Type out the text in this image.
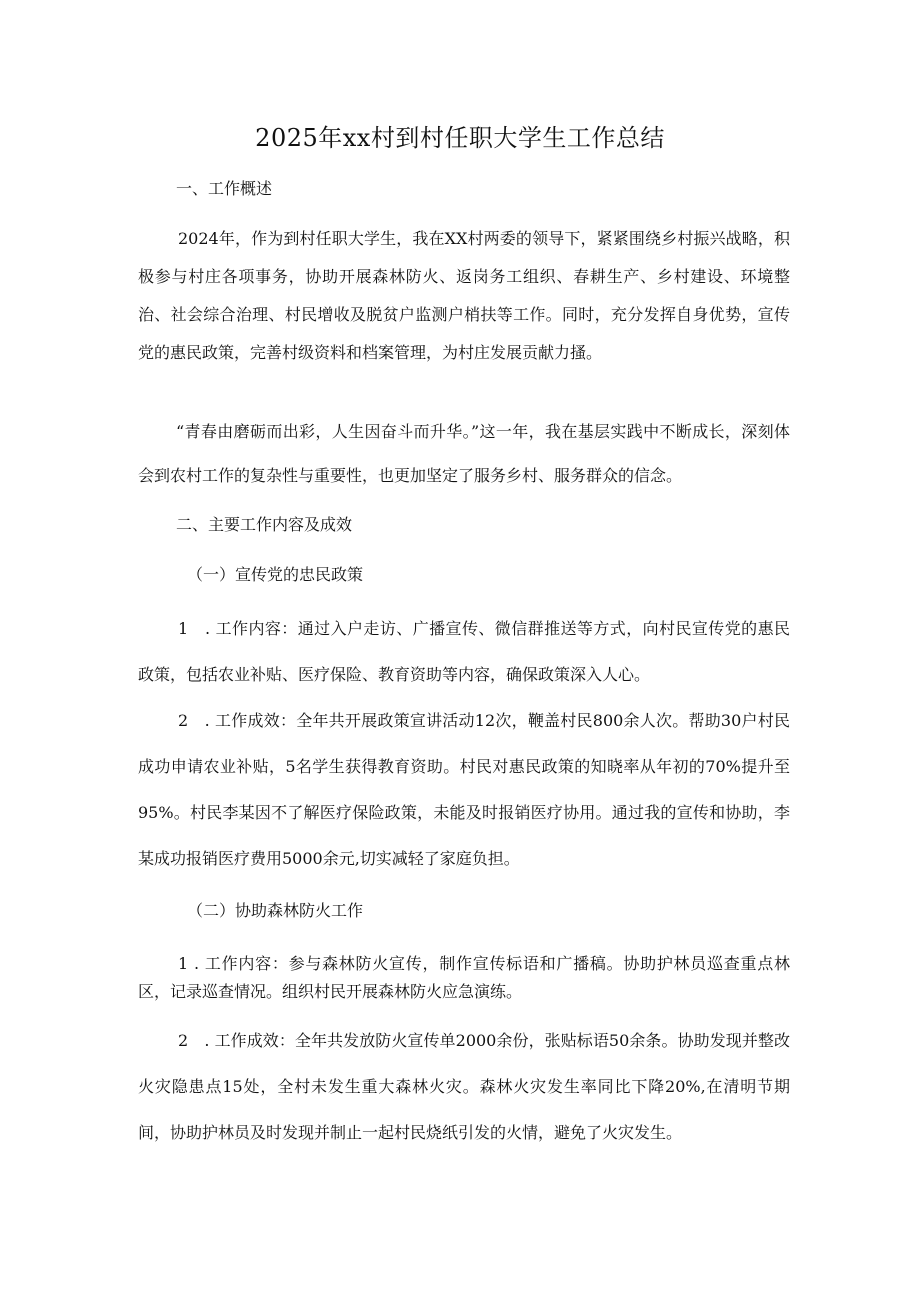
2025年xx村到村任职大学生工作总结

一、工作概述

2024年，作为到村任职大学生，我在XX村两委的领导下，紧紧围绕乡村振兴战略，积极参与村庄各项事务，协助开展森林防火、返岗务工组织、春耕生产、乡村建设、环境整治、社会综合治理、村民增收及脱贫户监测户梢扶等工作。同时，充分发挥自身优势，宣传党的惠民政策，完善村级资料和档案管理，为村庄发展贡献力搔。

“青春由磨砺而出彩，人生因奋斗而升华。”这一年，我在基层实践中不断成长，深刻体会到农村工作的复杂性与重要性，也更加坚定了服务乡村、服务群众的信念。

二、主要工作内容及成效

（一）宣传党的忠民政策

1　. 工作内容：通过入户走访、广播宣传、微信群推送等方式，向村民宣传党的惠民政策，包括农业补贴、医疗保险、教育资助等内容，确保政策深入人心。

2　. 工作成效：全年共开展政策宣讲活动12次，鞭盖村民800余人次。帮助30户村民成功申请农业补贴，5名学生获得教育资助。村民对惠民政策的知晓率从年初的70%提升至95%。村民李某因不了解医疗保险政策，未能及时报销医疗协用。通过我的宣传和协助，李某成功报销医疗费用5000余元,切实减轻了家庭负担。

（二）协助森林防火工作

1 . 工作内容：参与森林防火宣传，制作宣传标语和广播稿。协助护林员巡查重点林区，记录巡查情况。组织村民开展森林防火应急演练。

2　. 工作成效：全年共发放防火宣传单2000余份，张贴标语50余条。协助发现并整改火灾隐患点15处，全村未发生重大森林火灾。森林火灾发生率同比下降20%,在清明节期间，协助护林员及时发现并制止一起村民烧纸引发的火情，避免了火灾发生。
